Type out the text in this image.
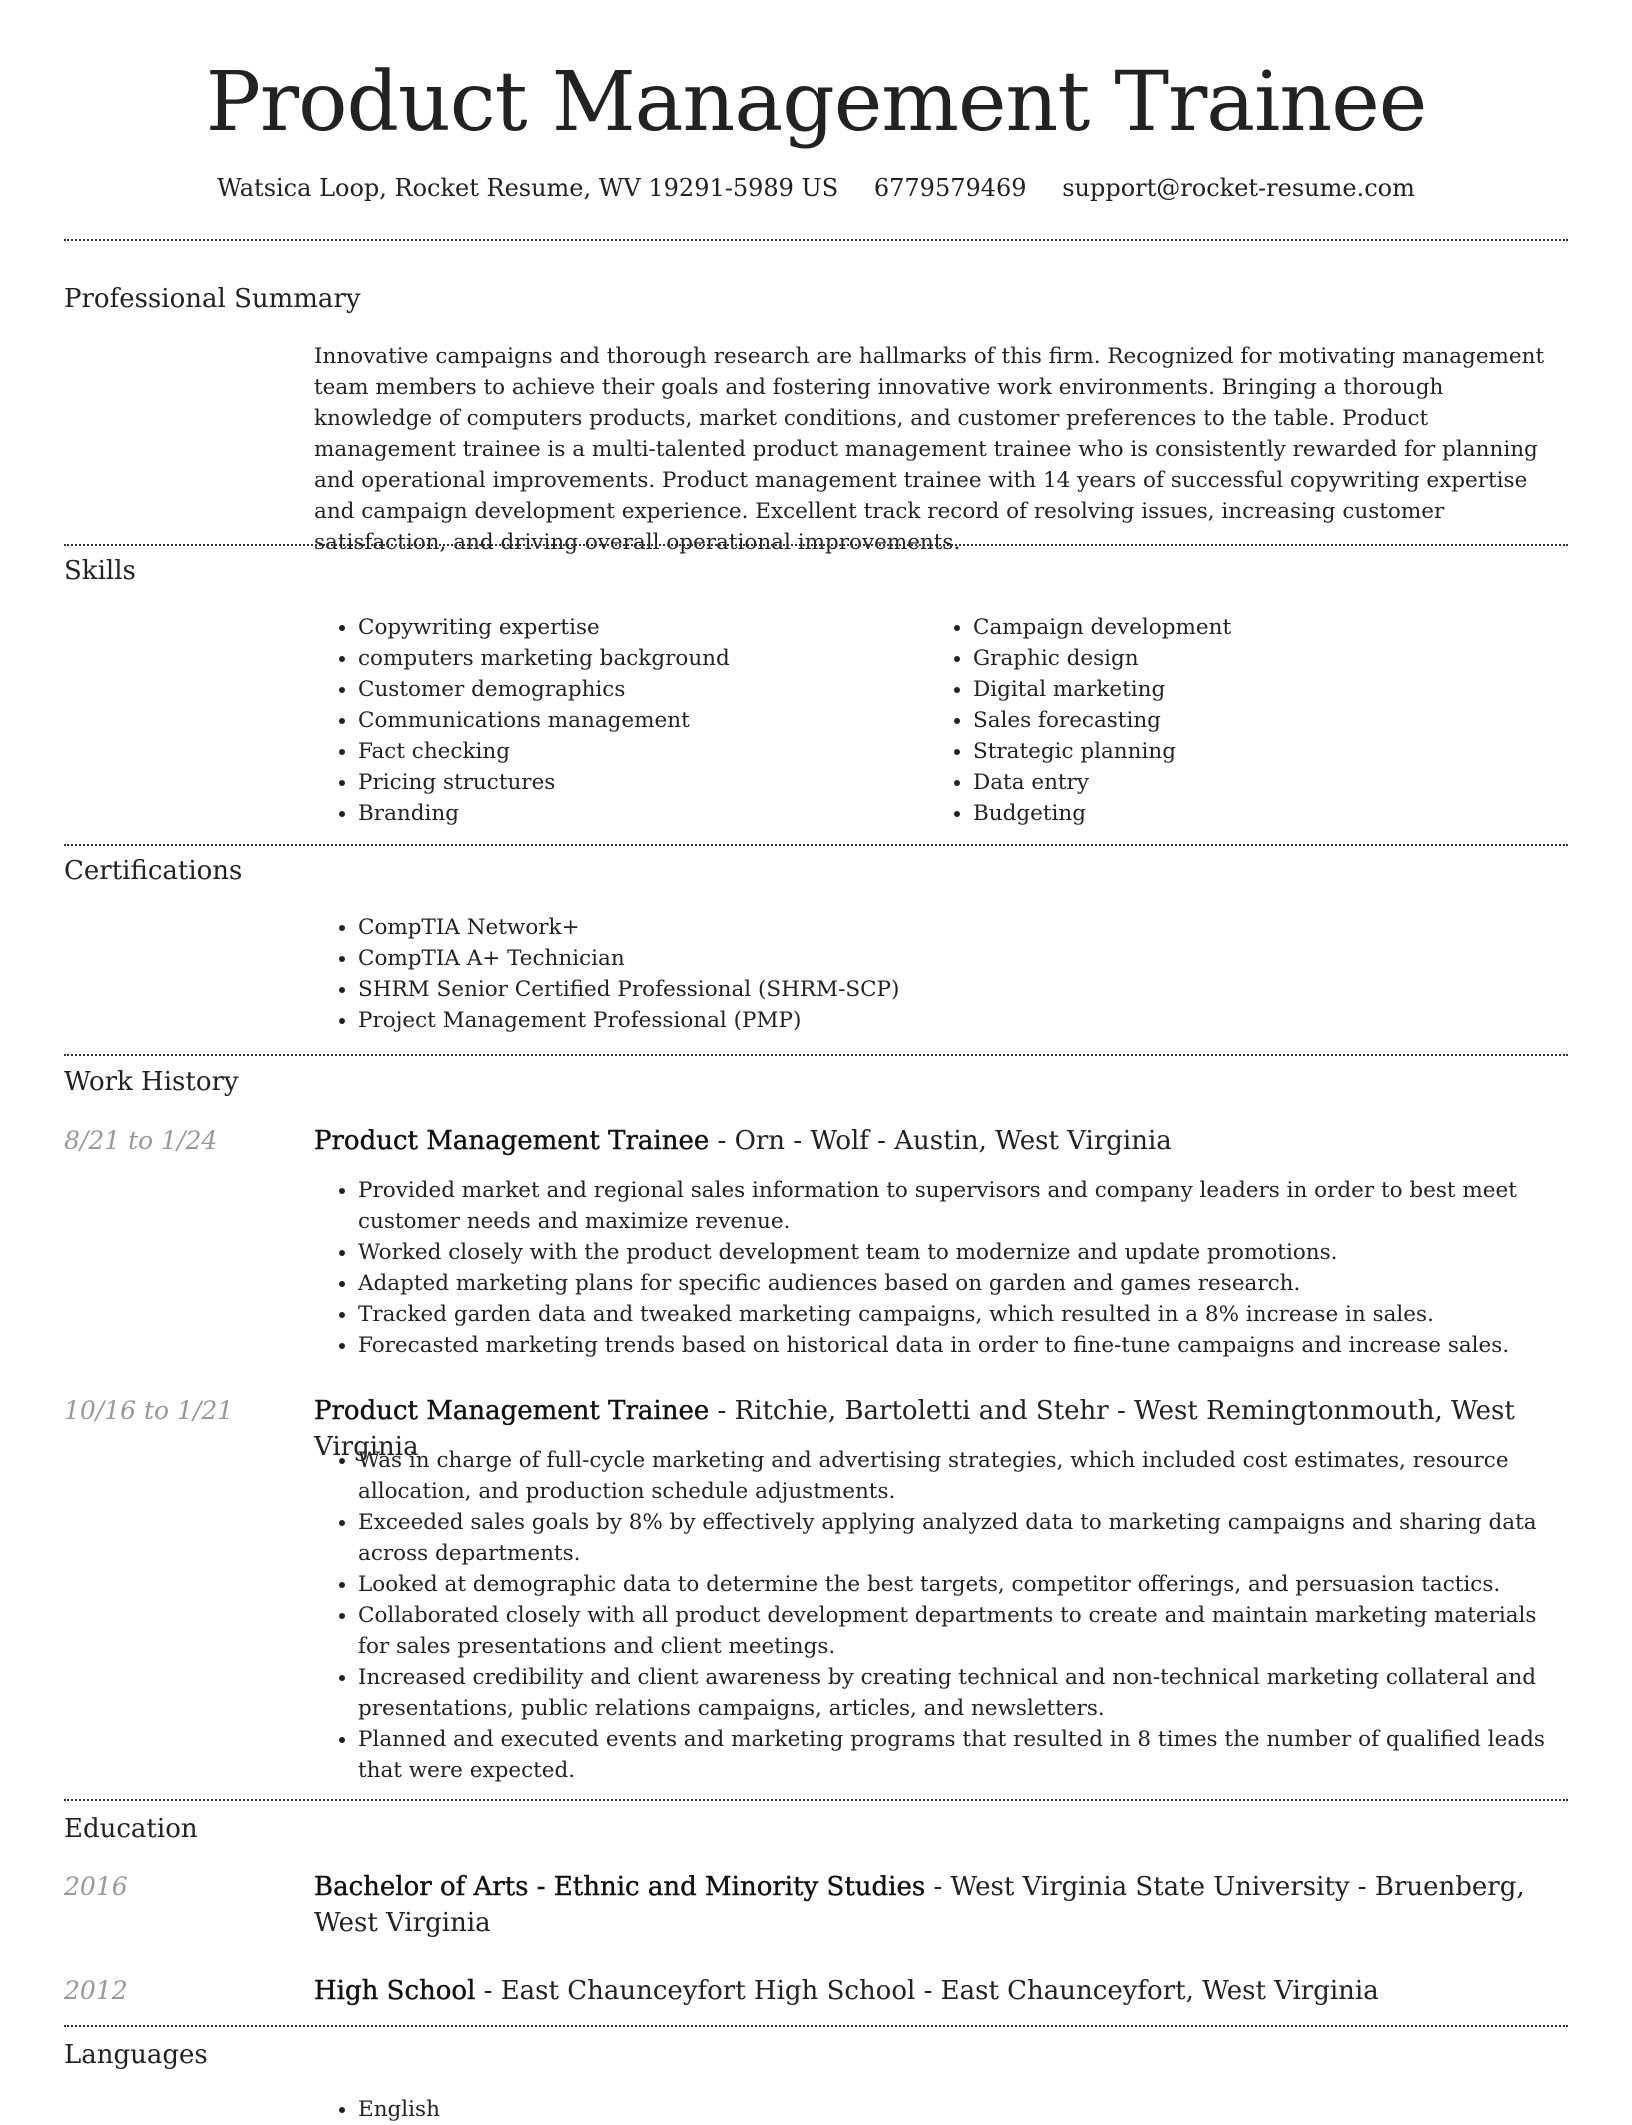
Product Management Trainee
Watsica Loop, Rocket Resume, WV 19291-5989 US 6779579469 support@rocket-resume.com
Professional Summary

Innovative campaigns and thorough research are hallmarks of this firm. Recognized for motivating management team members to achieve their goals and fostering innovative work environments. Bringing a thorough knowledge of computers products, market conditions, and customer preferences to the table. Product management trainee is a multi-talented product management trainee who is consistently rewarded for planning and operational improvements. Product management trainee with 14 years of successful copywriting expertise and campaign development experience. Excellent track record of resolving issues, increasing customer satisfaction, and driving overall operational improvements.

Skills
• Copywriting expertise
• computers marketing background
• Customer demographics
• Communications management
• Fact checking
• Pricing structures
• Branding
• Campaign development
• Graphic design
• Digital marketing
• Sales forecasting
• Strategic planning
• Data entry
• Budgeting
Certifications
• CompTIA Network+
• CompTIA A+ Technician
• SHRM Senior Certified Professional (SHRM-SCP)
• Project Management Professional (PMP)
Work History
8/21 to 1/24	Product Management Trainee - Orn - Wolf - Austin, West Virginia
• Provided market and regional sales information to supervisors and company leaders in order to best meet customer needs and maximize revenue.
• Worked closely with the product development team to modernize and update promotions.
• Adapted marketing plans for specific audiences based on garden and games research.
• Tracked garden data and tweaked marketing campaigns, which resulted in a 8% increase in sales.
• Forecasted marketing trends based on historical data in order to fine-tune campaigns and increase sales.
10/16 to 1/21	Product Management Trainee - Ritchie, Bartoletti and Stehr - West Remingtonmouth, West Virginia
• Was in charge of full-cycle marketing and advertising strategies, which included cost estimates, resource allocation, and production schedule adjustments.
• Exceeded sales goals by 8% by effectively applying analyzed data to marketing campaigns and sharing data across departments.
• Looked at demographic data to determine the best targets, competitor offerings, and persuasion tactics.
• Collaborated closely with all product development departments to create and maintain marketing materials for sales presentations and client meetings.
• Increased credibility and client awareness by creating technical and non-technical marketing collateral and presentations, public relations campaigns, articles, and newsletters.
• Planned and executed events and marketing programs that resulted in 8 times the number of qualified leads that were expected.
Education
2016	Bachelor of Arts - Ethnic and Minority Studies - West Virginia State University - Bruenberg, West Virginia
2012	High School - East Chaunceyfort High School - East Chauncеyfort, West Virginia
Languages
• English
